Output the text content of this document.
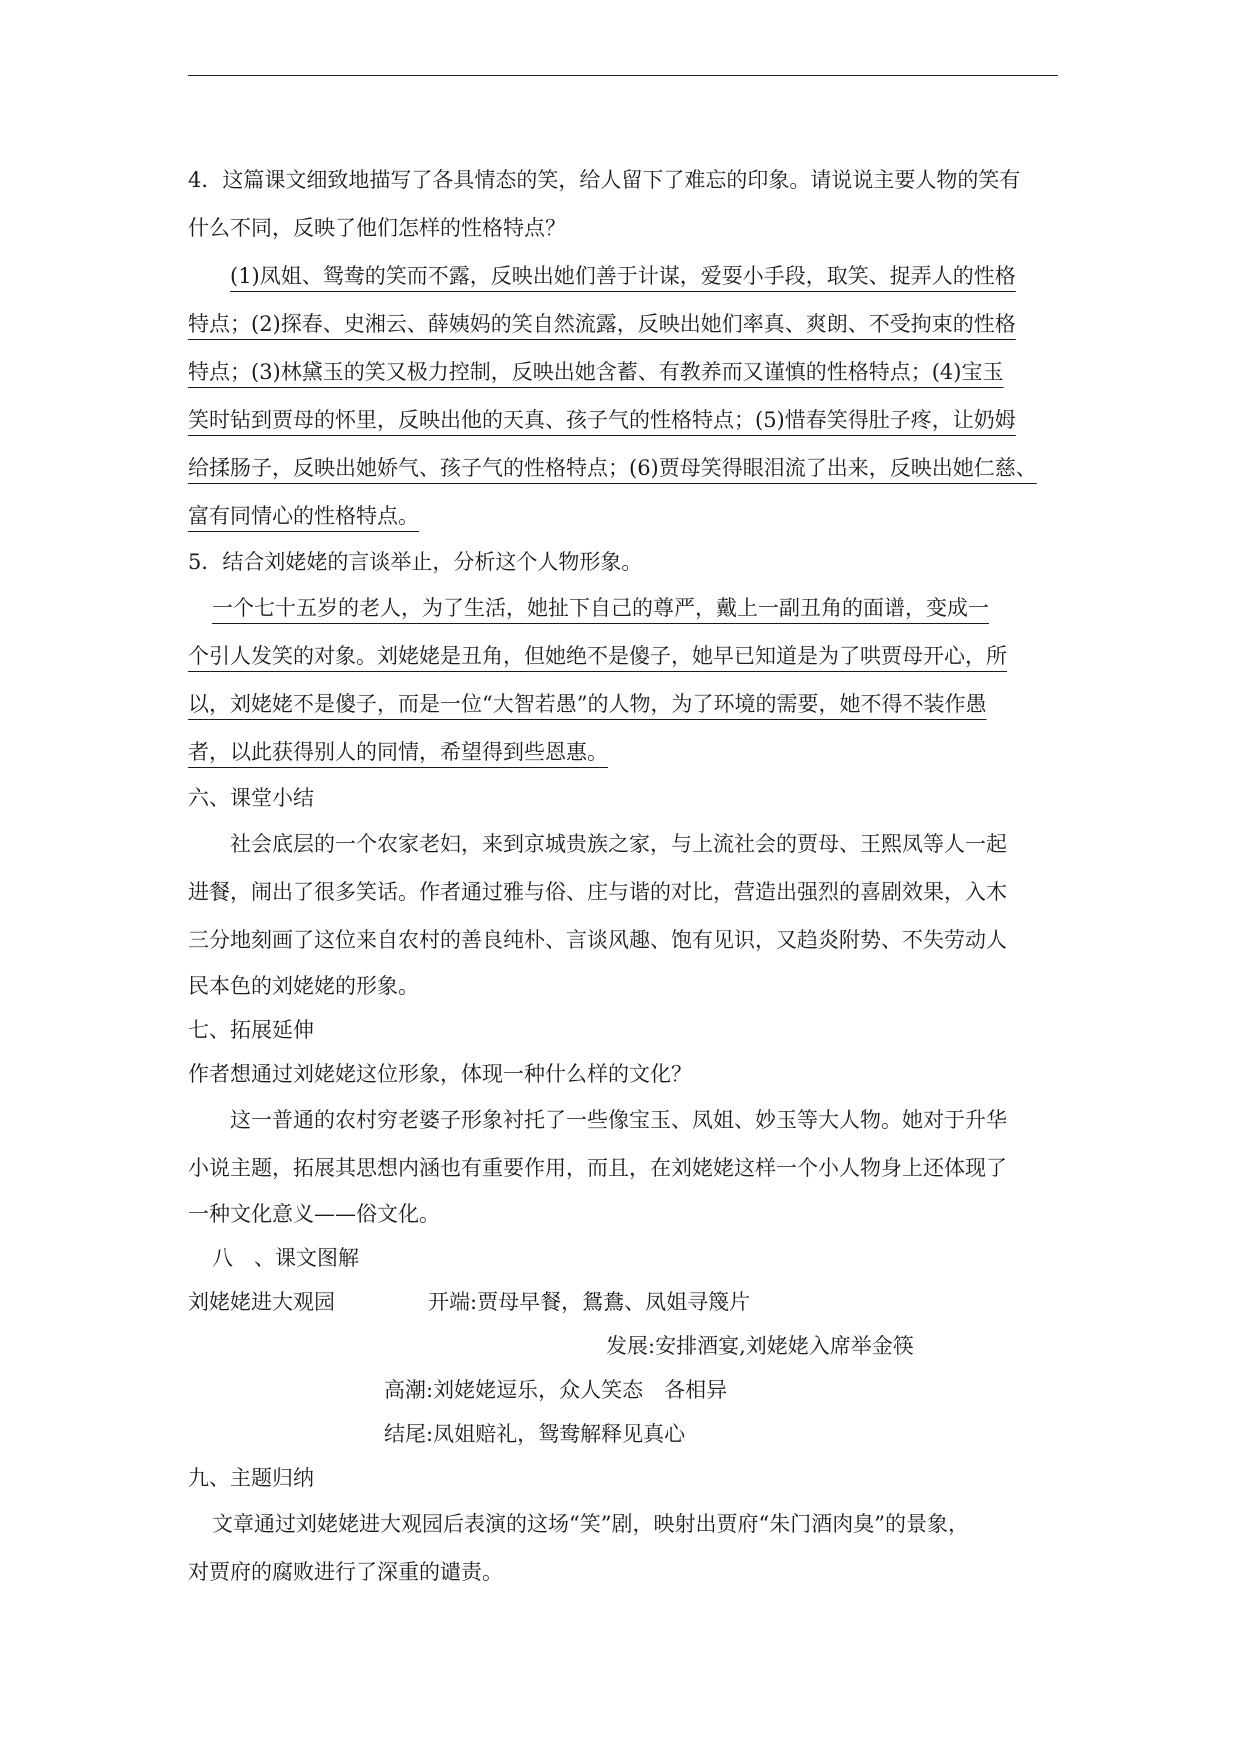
4．这篇课文细致地描写了各具情态的笑，给人留下了难忘的印象。请说说主要人物的笑有
什么不同，反映了他们怎样的性格特点？
(1)凤姐、鸳鸯的笑而不露，反映出她们善于计谋，爱耍小手段，取笑、捉弄人的性格
特点；(2)探春、史湘云、薛姨妈的笑自然流露，反映出她们率真、爽朗、不受拘束的性格
特点；(3)林黛玉的笑又极力控制，反映出她含蓄、有教养而又谨慎的性格特点；(4)宝玉
笑时钻到贾母的怀里，反映出他的天真、孩子气的性格特点；(5)惜春笑得肚子疼，让奶姆
给揉肠子，反映出她娇气、孩子气的性格特点；(6)贾母笑得眼泪流了出来，反映出她仁慈、
富有同情心的性格特点。
5．结合刘姥姥的言谈举止，分析这个人物形象。
一个七十五岁的老人，为了生活，她扯下自己的尊严，戴上一副丑角的面谱，变成一
个引人发笑的对象。刘姥姥是丑角，但她绝不是傻子，她早已知道是为了哄贾母开心，所
以，刘姥姥不是傻子，而是一位“大智若愚”的人物，为了环境的需要，她不得不装作愚
者，以此获得别人的同情，希望得到些恩惠。
六、课堂小结
社会底层的一个农家老妇，来到京城贵族之家，与上流社会的贾母、王熙凤等人一起
进餐，闹出了很多笑话。作者通过雅与俗、庄与谐的对比，营造出强烈的喜剧效果，入木
三分地刻画了这位来自农村的善良纯朴、言谈风趣、饱有见识，又趋炎附势、不失劳动人
民本色的刘姥姥的形象。
七、拓展延伸
作者想通过刘姥姥这位形象，体现一种什么样的文化？
这一普通的农村穷老婆子形象衬托了一些像宝玉、凤姐、妙玉等大人物。她对于升华
小说主题，拓展其思想内涵也有重要作用，而且，在刘姥姥这样一个小人物身上还体现了
一种文化意义——俗文化。
八　、课文图解
刘姥姥进大观园	开端:贾母早餐，鴛鴦、凤姐寻篾片
发展:安排酒宴,刘姥姥入席举金筷
高潮:刘姥姥逗乐，众人笑态　各相异
结尾:凤姐赔礼，鸳鸯解释见真心
九、主题归纳
文章通过刘姥姥进大观园后表演的这场“笑”剧，映射出贾府“朱门酒肉臭”的景象，
对贾府的腐败进行了深重的谴责。
